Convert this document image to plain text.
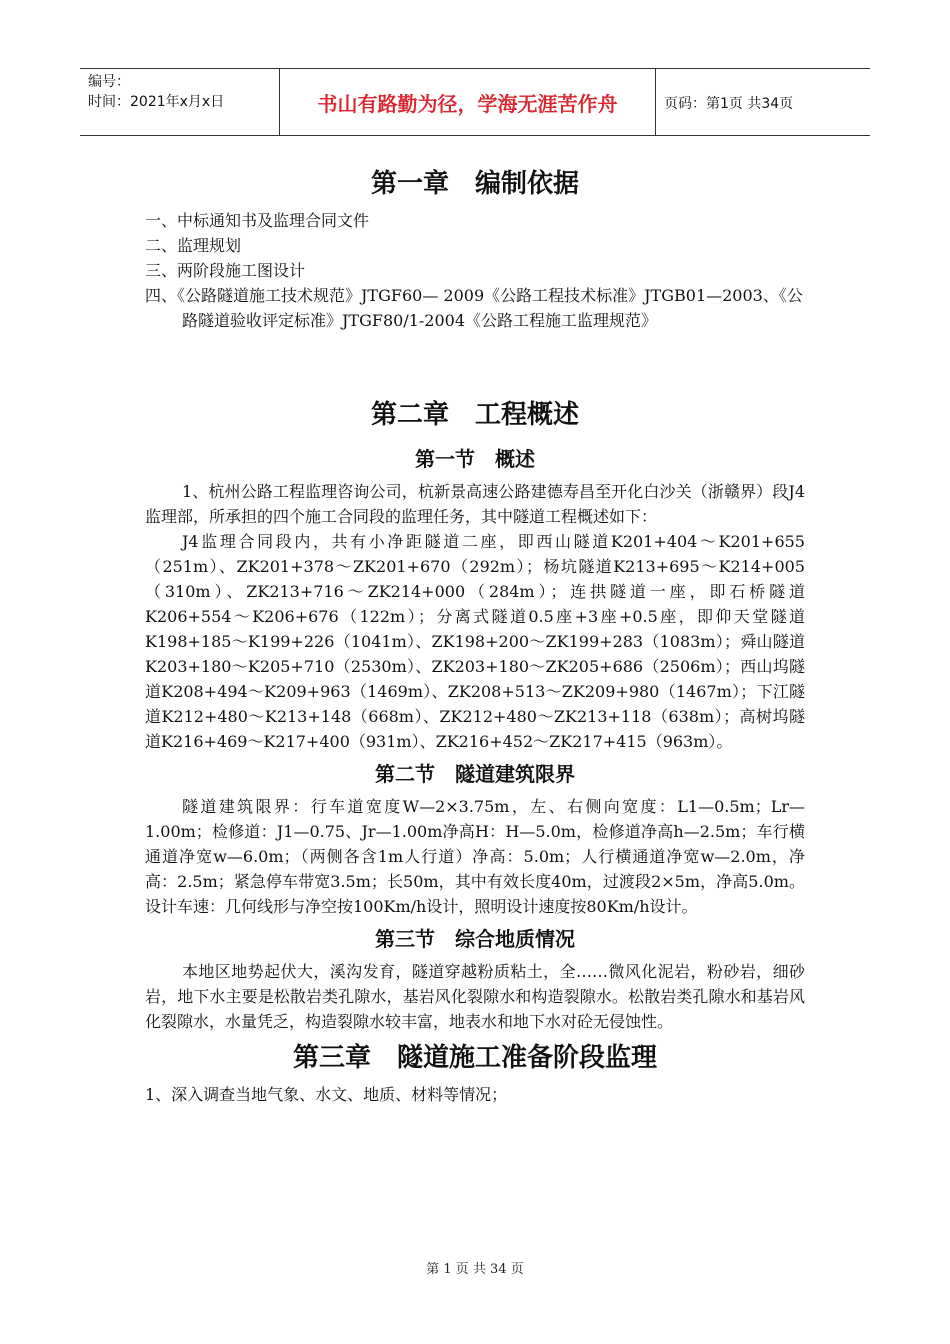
编号：
时间：2021年x月x日	书山有路勤为径，学海无涯苦作舟	页码：第1页 共34页
第一章　编制依据

一、中标通知书及监理合同文件

二、监理规划

三、两阶段施工图设计

四、《公路隧道施工技术规范》JTGF60— 2009《公路工程技术标准》JTGB01—2003、《公路隧道验收评定标准》JTGF80/1-2004《公路工程施工监理规范》

第二章　工程概述
第一节　概述

1、杭州公路工程监理咨询公司，杭新景高速公路建德寿昌至开化白沙关（浙赣界）段J4监理部，所承担的四个施工合同段的监理任务，其中隧道工程概述如下：

J4监理合同段内，共有小净距隧道二座，即西山隧道K201+404～K201+655（251m）、ZK201+378～ZK201+670（292m）；杨坑隧道K213+695～K214+005（310m）、ZK213+716～ZK214+000（284m）；连拱隧道一座，即石桥隧道K206+554～K206+676（122m）；分离式隧道0.5座+3座+0.5座，即仰天堂隧道K198+185～K199+226（1041m）、ZK198+200～ZK199+283（1083m）；舜山隧道K203+180～K205+710（2530m）、ZK203+180～ZK205+686（2506m）；西山坞隧道K208+494～K209+963（1469m）、ZK208+513～ZK209+980（1467m）；下江隧道K212+480～K213+148（668m）、ZK212+480～ZK213+118（638m）；高树坞隧道K216+469～K217+400（931m）、ZK216+452～ZK217+415（963m）。

第二节　隧道建筑限界

隧道建筑限界：行车道宽度W—2×3.75m，左、右侧向宽度：L1—0.5m；Lr—1.00m；检修道：J1—0.75、Jr—1.00m净高H：H—5.0m，检修道净高h—2.5m；车行横通道净宽w—6.0m；（两侧各含1m人行道）净高：5.0m；人行横通道净宽w—2.0m，净高：2.5m；紧急停车带宽3.5m；长50m，其中有效长度40m，过渡段2×5m，净高5.0m。设计车速：几何线形与净空按100Km/h设计，照明设计速度按80Km/h设计。

第三节　综合地质情况

本地区地势起伏大，溪沟发育，隧道穿越粉质粘土，全……微风化泥岩，粉砂岩，细砂岩，地下水主要是松散岩类孔隙水，基岩风化裂隙水和构造裂隙水。松散岩类孔隙水和基岩风化裂隙水，水量凭乏，构造裂隙水较丰富，地表水和地下水对砼无侵蚀性。

第三章　隧道施工准备阶段监理

1、深入调查当地气象、水文、地质、材料等情况；

第 1 页 共 34 页
